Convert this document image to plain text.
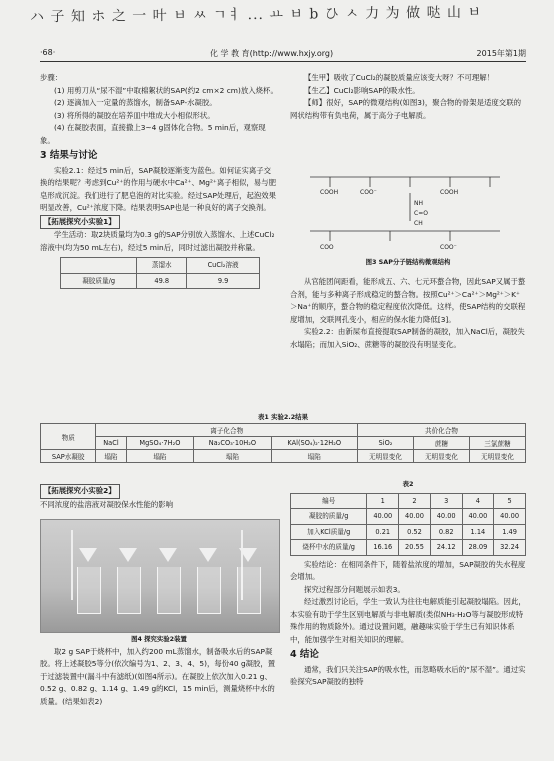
ハ 子 知 ホ 之 一 叶 ㅂ ㅆ ㄱㅕ ... ㅛ ㅂ b ひ ㅅ 力 为 做 哒 山 ㅂ
·68·	化 学 教 育(http://www.hxjy.org)	2015年第1期

步骤：

(1) 用剪刀从“尿不湿”中取棉絮状的SAP(约2 cm×2 cm)放入烧杯。

(2) 逐滴加入一定量的蒸馏水，制备SAP-水凝胶。

(3) 将所得的凝胶在培养皿中堆成大小相似形状。

(4) 在凝胶表面，直接撒上3~4 g固体化合物。5 min后，观察现象。

3 结果与讨论

实验2.1：经过5 min后，SAP凝胶逐渐变为蓝色。如何证实离子交换的结果呢？考虑到Cu²⁺的作用与硬水中Ca²⁺、Mg²⁺离子相似，易与肥皂形成沉淀。我们进行了肥皂泡的对比实验。经过SAP处理后，起泡效果明显改善，Cu²⁺浓度下降。结果表明SAP也是一种良好的离子交换剂。

【拓展探究小实验1】

学生活动：取2块质量均为0.3 g的SAP分别放入蒸馏水、上述CuCl₂溶液中(均为50 mL左右)，经过5 min后，同时过滤出凝胶并称量。

	蒸馏水	CuCl₂溶液
凝胶质量/g	49.8	9.9

【生甲】吸收了CuCl₂的凝胶质量应该变大呀？不可理解！

【生乙】CuCl₂影响SAP的吸水性。

【师】很好，SAP的微观结构(如图3)，聚合物的骨架是适度交联的网状结构带有负电荷，属于高分子电解质。

COOH	COO⁻	COOH
NH
C=O
CH
COO	COO⁻
图3 SAP分子链结构微观结构

从官能团间距看，能形成五、六、七元环螯合物，因此SAP又属于螯合剂，能与多种离子形成稳定的螯合物。按照Cu²⁺＞Ca²⁺＞Mg²⁺＞K⁺＞Na⁺的顺序，螯合物的稳定程度依次降低。这样，使SAP结构的交联程度增加，交联网孔变小，相应的保水能力降低[3]。

实验2.2：由新屎布直接提取SAP制备的凝胶，加入NaCl后，凝胶失水塌陷；而加入SiO₂、蔗糖等的凝胶没有明显变化。

表1 实验2.2结果
物质	离子化合物				共价化合物		
	NaCl	MgSO₄·7H₂O	Na₂CO₃·10H₂O	KAl(SO₄)₂·12H₂O	SiO₂	蔗糖	三氯蔗糖
SAP水凝胶	塌陷	塌陷	塌陷	塌陷	无明显变化	无明显变化	无明显变化

【拓展探究小实验2】

不同浓度的盐溶液对凝胶保水性能的影响

图4 探究实验2装置

取2 g SAP于烧杯中，加入约200 mL蒸馏水，制备吸水后的SAP凝胶。将上述凝胶5等分(依次编号为1、2、3、4、5)，每份40 g凝胶，置于过滤装置中(漏斗中有滤纸)(如图4所示)。在凝胶上依次加入0.21 g、0.52 g、0.82 g、1.14 g、1.49 g的KCl，15 min后，测量烧杯中水的质量。(结果如表2)

表2
编号	1	2	3	4	5
凝胶的质量/g	40.00	40.00	40.00	40.00	40.00
加入KCl质量/g	0.21	0.52	0.82	1.14	1.49
烧杯中水的质量/g	16.16	20.55	24.12	28.09	32.24

实验结论：在相同条件下，随着盐浓度的增加，SAP凝胶的失水程度会增加。

探究过程部分问题展示如表3。

经过激烈讨论后，学生一致认为往往电解质能引起凝胶塌陷。因此，本实验有助于学生区别电解质与非电解质(类似NH₃·H₂O等与凝胶形成特殊作用的物质除外)。通过设置问题，融趣味实验于学生已有知识体系中，能加强学生对相关知识的理解。

4 结论

通常，我们只关注SAP的吸水性，而忽略吸水后的“尿不湿”。通过实验探究SAP凝胶的独特
